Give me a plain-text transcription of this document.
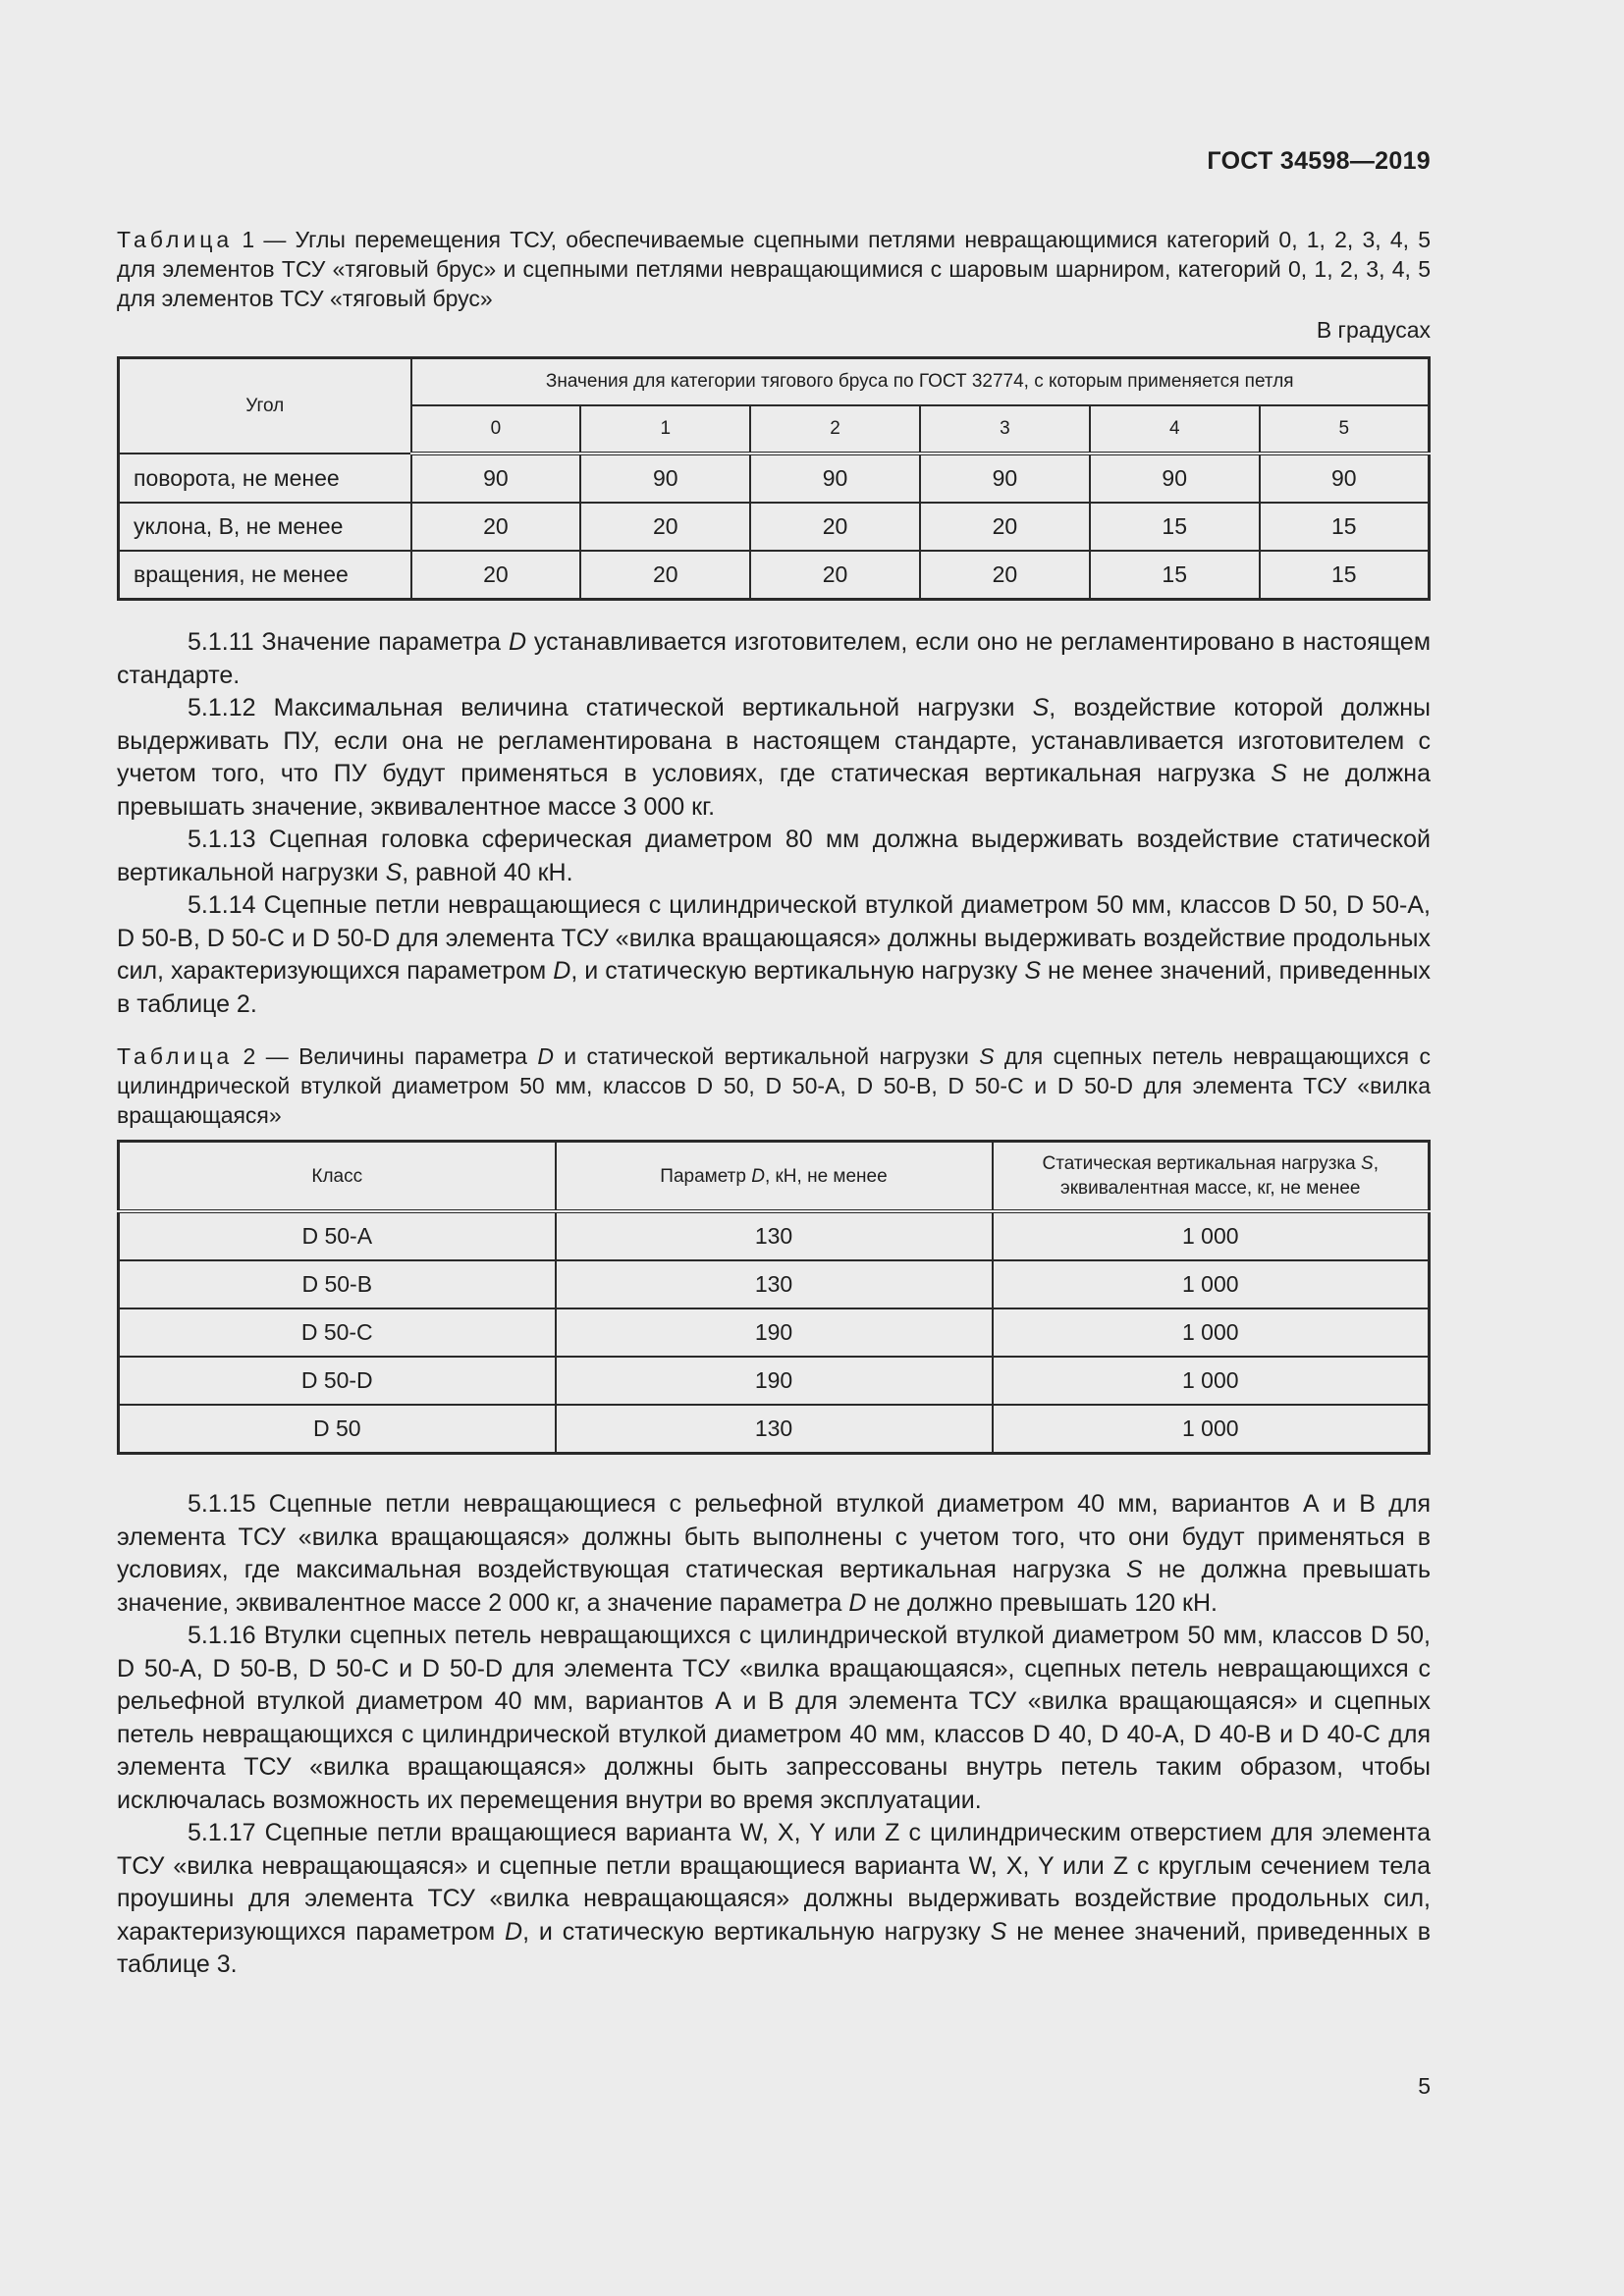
ГОСТ 34598—2019
Таблица 1 — Углы перемещения ТСУ, обеспечиваемые сцепными петлями невращающимися категорий 0, 1, 2, 3, 4, 5 для элементов ТСУ «тяговый брус» и сцепными петлями невращающимися с шаровым шарниром, категорий 0, 1, 2, 3, 4, 5 для элементов ТСУ «тяговый брус»
В градусах
Угол	Значения для категории тягового бруса по ГОСТ 32774, с которым применяется петля					
	0	1	2	3	4	5
поворота, не менее	90	90	90	90	90	90
уклона, В, не менее	20	20	20	20	15	15
вращения, не менее	20	20	20	20	15	15

5.1.11 Значение параметра D устанавливается изготовителем, если оно не регламентировано в настоящем стандарте.

5.1.12 Максимальная величина статической вертикальной нагрузки S, воздействие которой должны выдерживать ПУ, если она не регламентирована в настоящем стандарте, устанавливается изготовителем с учетом того, что ПУ будут применяться в условиях, где статическая вертикальная нагрузка S не должна превышать значение, эквивалентное массе 3 000 кг.

5.1.13 Сцепная головка сферическая диаметром 80 мм должна выдерживать воздействие статической вертикальной нагрузки S, равной 40 кН.

5.1.14 Сцепные петли невращающиеся с цилиндрической втулкой диаметром 50 мм, классов D 50, D 50-A, D 50-B, D 50-C и D 50-D для элемента ТСУ «вилка вращающаяся» должны выдерживать воздействие продольных сил, характеризующихся параметром D, и статическую вертикальную нагрузку S не менее значений, приведенных в таблице 2.

Таблица 2 — Величины параметра D и статической вертикальной нагрузки S для сцепных петель невращающихся с цилиндрической втулкой диаметром 50 мм, классов D 50, D 50-A, D 50-B, D 50-C и D 50-D для элемента ТСУ «вилка вращающаяся»
Класс	Параметр D, кН, не менее	Статическая вертикальная нагрузка S,
эквивалентная массе, кг, не менее
D 50-A	130	1 000
D 50-B	130	1 000
D 50-C	190	1 000
D 50-D	190	1 000
D 50	130	1 000

5.1.15 Сцепные петли невращающиеся с рельефной втулкой диаметром 40 мм, вариантов А и В для элемента ТСУ «вилка вращающаяся» должны быть выполнены с учетом того, что они будут применяться в условиях, где максимальная воздействующая статическая вертикальная нагрузка S не должна превышать значение, эквивалентное массе 2 000 кг, а значение параметра D не должно превышать 120 кН.

5.1.16 Втулки сцепных петель невращающихся с цилиндрической втулкой диаметром 50 мм, классов D 50, D 50-A, D 50-B, D 50-C и D 50-D для элемента ТСУ «вилка вращающаяся», сцепных петель невращающихся с рельефной втулкой диаметром 40 мм, вариантов А и В для элемента ТСУ «вилка вращающаяся» и сцепных петель невращающихся с цилиндрической втулкой диаметром 40 мм, классов D 40, D 40-A, D 40-B и D 40-C для элемента ТСУ «вилка вращающаяся» должны быть запрессованы внутрь петель таким образом, чтобы исключалась возможность их перемещения внутри во время эксплуатации.

5.1.17 Сцепные петли вращающиеся варианта W, X, Y или Z с цилиндрическим отверстием для элемента ТСУ «вилка невращающаяся» и сцепные петли вращающиеся варианта W, X, Y или Z с круглым сечением тела проушины для элемента ТСУ «вилка невращающаяся» должны выдерживать воздействие продольных сил, характеризующихся параметром D, и статическую вертикальную нагрузку S не менее значений, приведенных в таблице 3.

5
